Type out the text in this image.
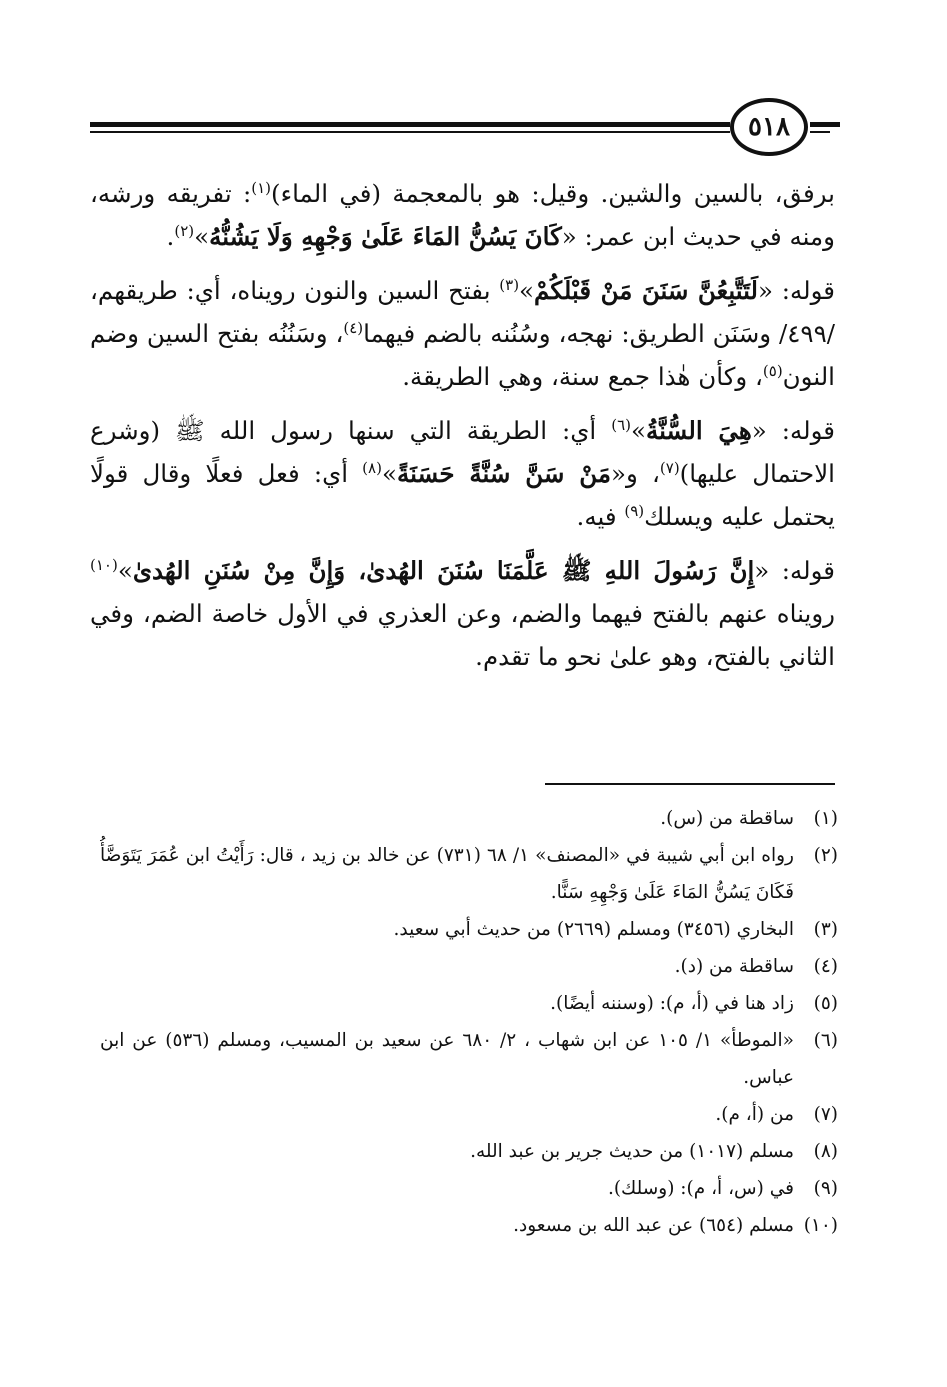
٥١٨

برفق، بالسين والشين. وقيل: هو بالمعجمة (في الماء)$^{(١)}$: تفريقه ورشه، ومنه في حديث ابن عمر: «كَانَ يَسُنُّ المَاءَ عَلَىٰ وَجْهِهِ وَلَا يَشُنُّهُ»$^{(٢)}$.

قوله: «لَتَتَّبِعُنَّ سَنَنَ مَنْ قَبْلَكُمْ»$^{(٣)}$ بفتح السين والنون رويناه، أي: طريقهم، /٤٩٩/ وسَنَن الطريق: نهجه، وسُنُنه بالضم فيهما$^{(٤)}$، وسَنُنُه بفتح السين وضم النون$^{(٥)}$، وكأن هٰذا جمع سنة، وهي الطريقة.

قوله: «هِيَ السُّنَّةُ»$^{(٦)}$ أي: الطريقة التي سنها رسول الله ﷺ (وشرع الاحتمال عليها)$^{(٧)}$، و«مَنْ سَنَّ سُنَّةً حَسَنَةً»$^{(٨)}$ أي: فعل فعلًا وقال قولًا يحتمل عليه ويسلك$^{(٩)}$ فيه.

قوله: «إِنَّ رَسُولَ اللهِ ﷺ عَلَّمَنَا سُنَنَ الهُدىٰ، وَإِنَّ مِنْ سُنَنِ الهُدىٰ»$^{(١٠)}$ رويناه عنهم بالفتح فيهما والضم، وعن العذري في الأول خاصة الضم، وفي الثاني بالفتح، وهو علىٰ نحو ما تقدم.

(١)
ساقطة من (س).
(٢)
رواه ابن أبي شيبة في «المصنف» ١/ ٦٨ (٧٣١) عن خالد بن زيد ، قال: رَأَيْتُ ابن عُمَرَ يَتَوَضَّأُ فَكَانَ يَسُنُّ المَاءَ عَلَىٰ وَجْهِهِ سَنًّا.
(٣)
البخاري (٣٤٥٦) ومسلم (٢٦٦٩) من حديث أبي سعيد.
(٤)
ساقطة من (د).
(٥)
زاد هنا في (أ، م): (وسننه أيضًا).
(٦)
«الموطأ» ١/ ١٠٥ عن ابن شهاب ، ٢/ ٦٨٠ عن سعيد بن المسيب، ومسلم (٥٣٦) عن ابن عباس.
(٧)
من (أ، م).
(٨)
مسلم (١٠١٧) من حديث جرير بن عبد الله.
(٩)
في (س، أ، م): (وسلك).
(١٠)
مسلم (٦٥٤) عن عبد الله بن مسعود.
